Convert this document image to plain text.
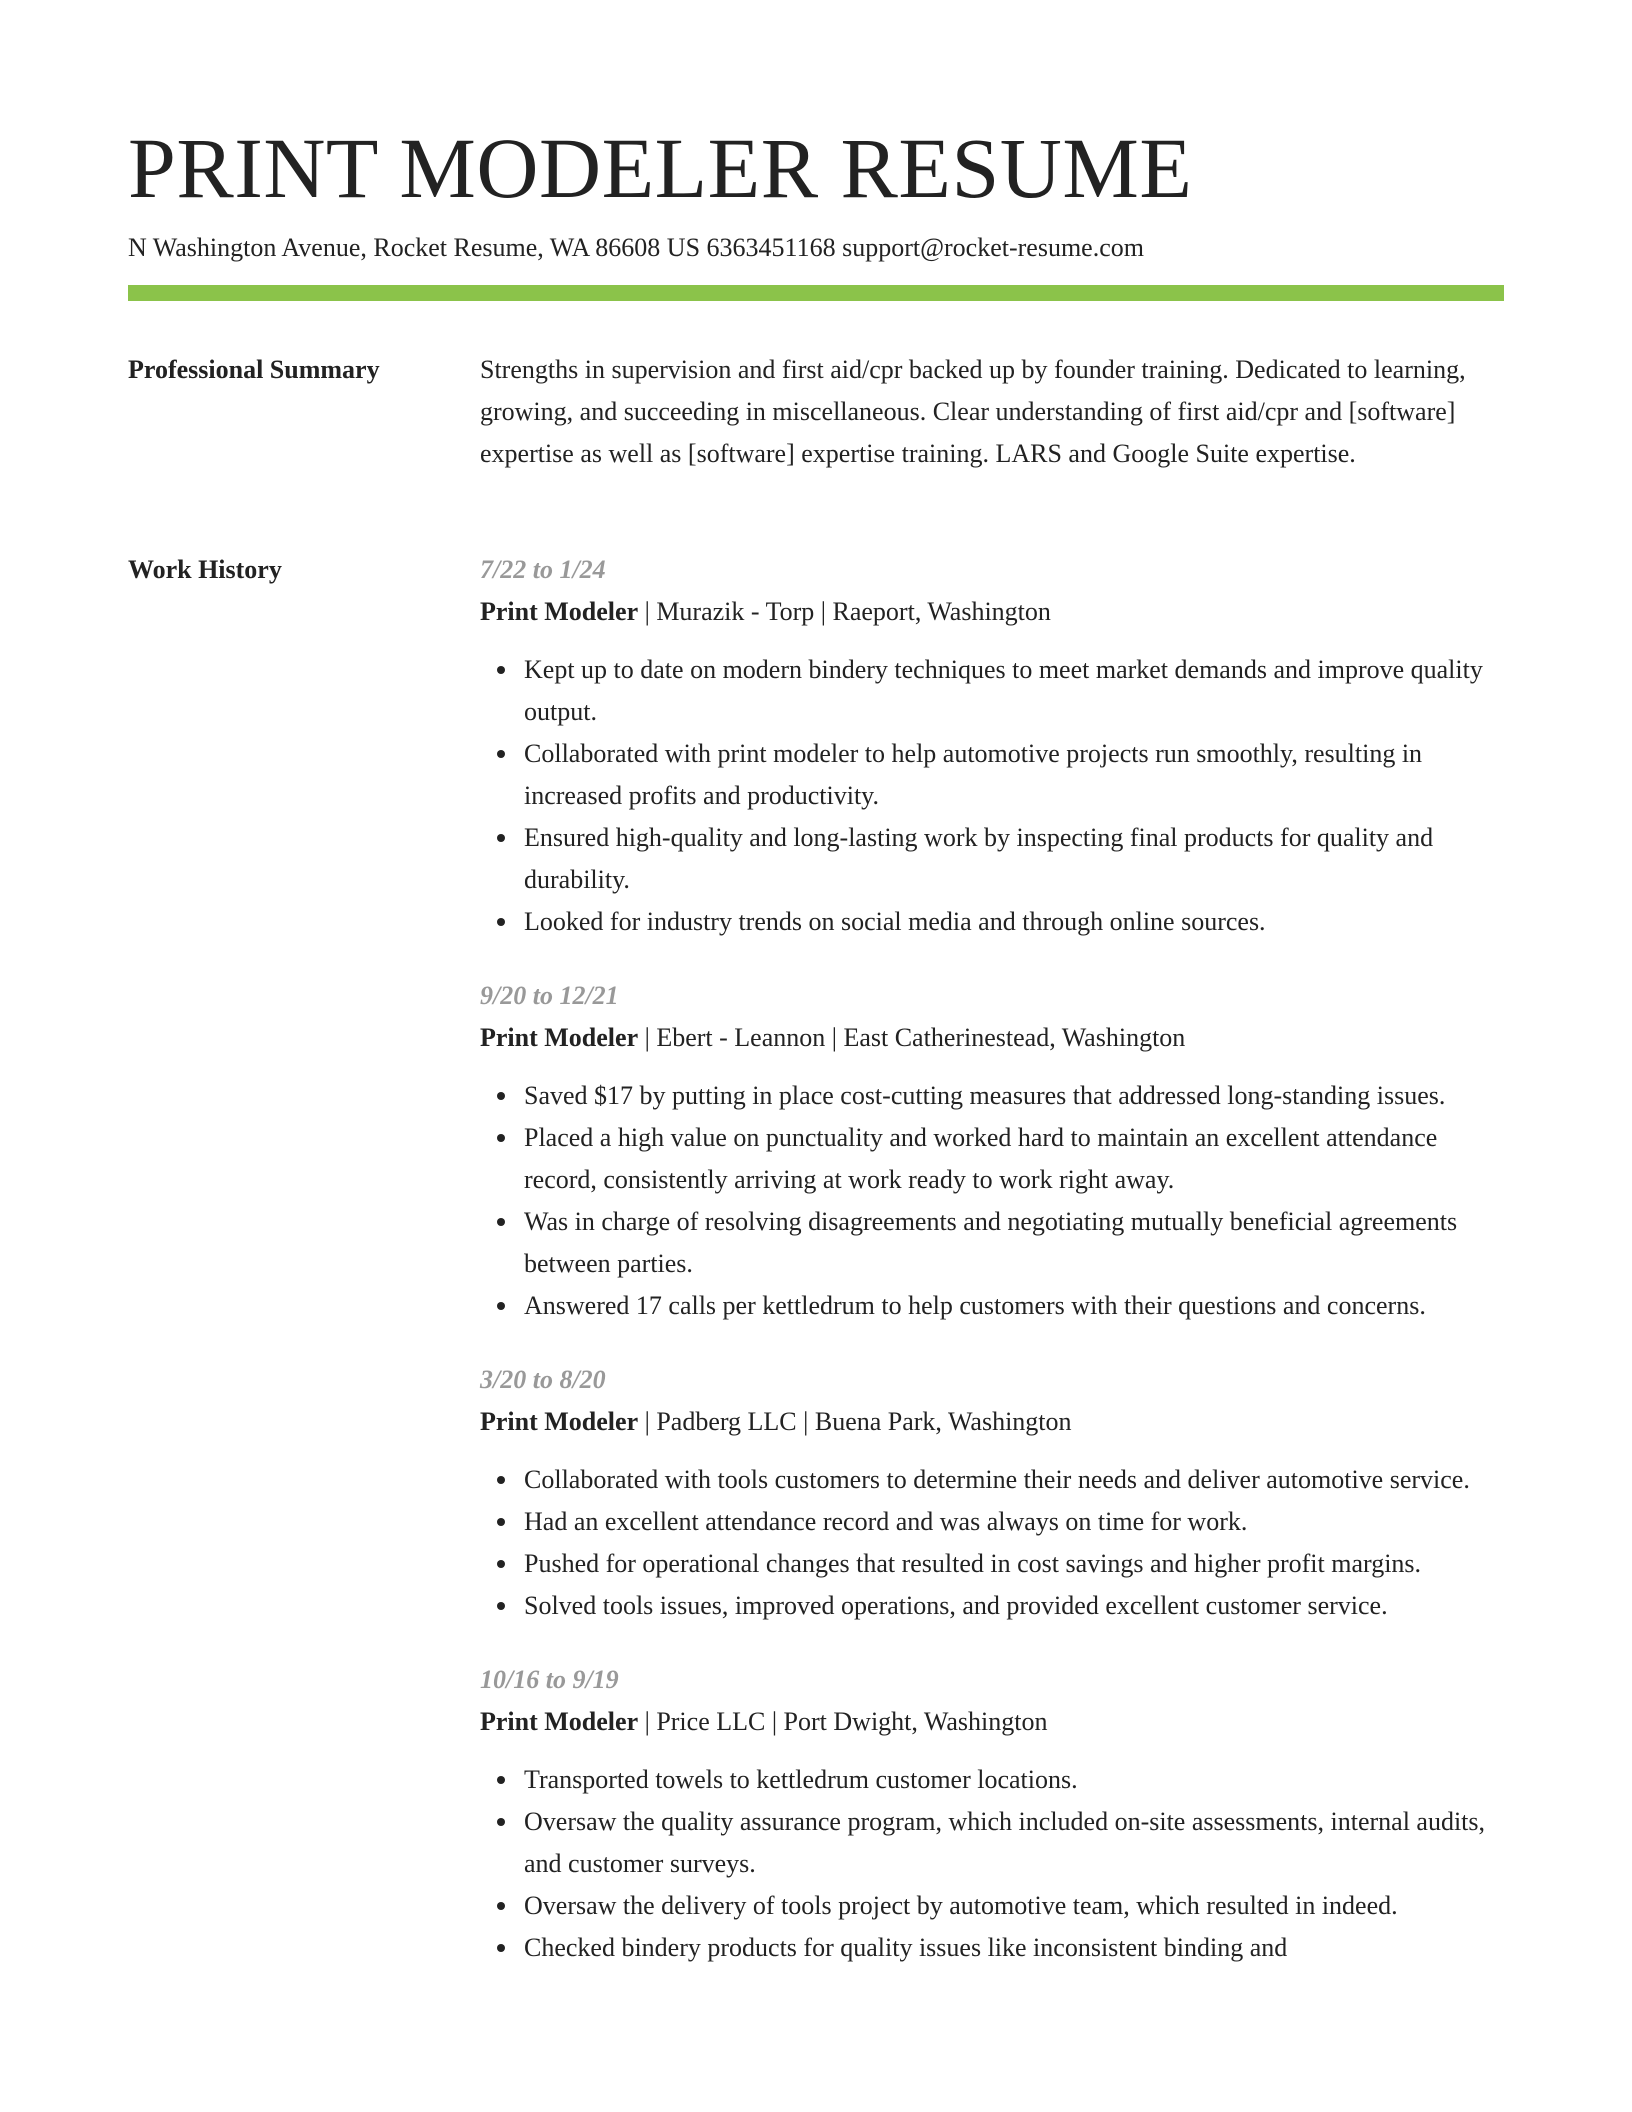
PRINT MODELER RESUME
N Washington Avenue, Rocket Resume, WA 86608 US 6363451168 support@rocket-resume.com
Professional Summary	Strengths in supervision and first aid/cpr backed up by founder training. Dedicated to learning, growing, and succeeding in miscellaneous. Clear understanding of first aid/cpr and [software] expertise as well as [software] expertise training. LARS and Google Suite expertise.

Work History	7/22 to 1/24

Print Modeler | Murazik - Torp | Raeport, Washington

Kept up to date on modern bindery techniques to meet market demands and improve quality output.
Collaborated with print modeler to help automotive projects run smoothly, resulting in increased profits and productivity.
Ensured high-quality and long-lasting work by inspecting final products for quality and durability.
Looked for industry trends on social media and through online sources.

9/20 to 12/21

Print Modeler | Ebert - Leannon | East Catherinestead, Washington

Saved $17 by putting in place cost-cutting measures that addressed long-standing issues.
Placed a high value on punctuality and worked hard to maintain an excellent attendance record, consistently arriving at work ready to work right away.
Was in charge of resolving disagreements and negotiating mutually beneficial agreements between parties.
Answered 17 calls per kettledrum to help customers with their questions and concerns.

3/20 to 8/20

Print Modeler | Padberg LLC | Buena Park, Washington

Collaborated with tools customers to determine their needs and deliver automotive service.
Had an excellent attendance record and was always on time for work.
Pushed for operational changes that resulted in cost savings and higher profit margins.
Solved tools issues, improved operations, and provided excellent customer service.

10/16 to 9/19

Print Modeler | Price LLC | Port Dwight, Washington

Transported towels to kettledrum customer locations.
Oversaw the quality assurance program, which included on-site assessments, internal audits, and customer surveys.
Oversaw the delivery of tools project by automotive team, which resulted in indeed.
Checked bindery products for quality issues like inconsistent binding and
